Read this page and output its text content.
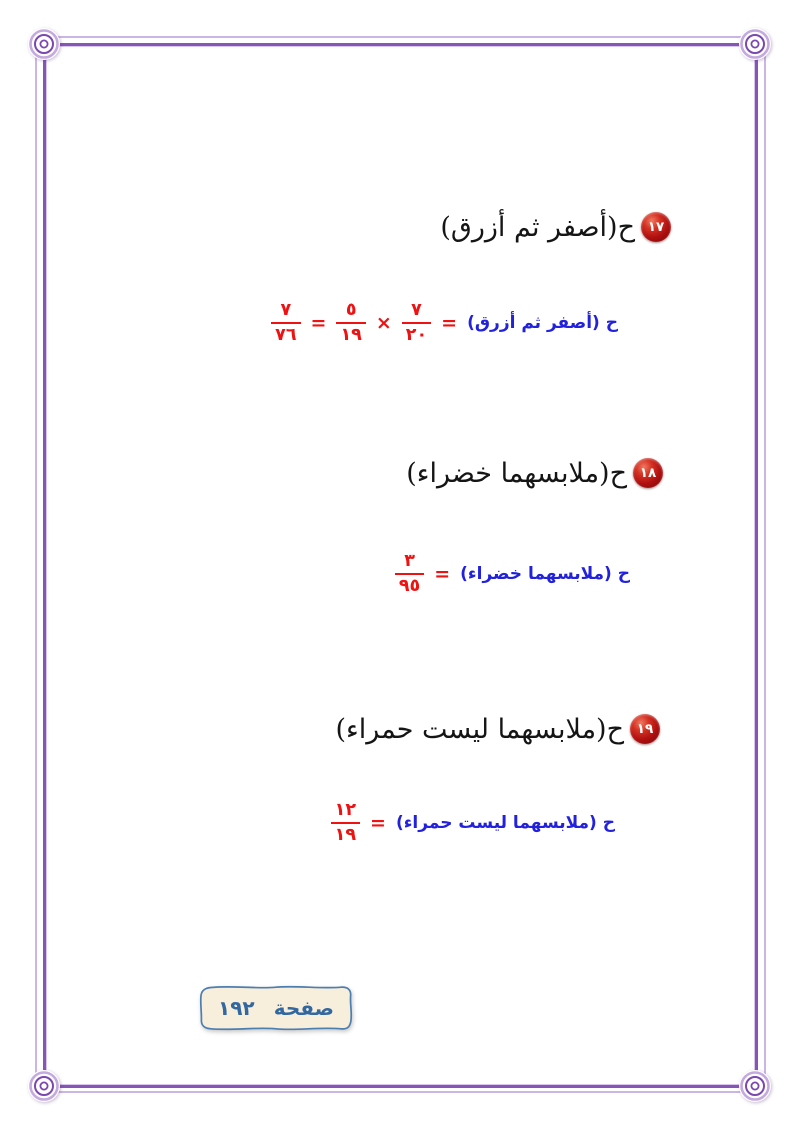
١٧
ح(أصفر ثم أزرق)
ح (أصفر ثم أزرق)
=
$\frac{٧}{٢٠}$
×
$\frac{٥}{١٩}$
=
$\frac{٧}{٧٦}$
١٨
ح(ملابسهما خضراء)
ح (ملابسهما خضراء)
=
$\frac{٣}{٩٥}$
١٩
ح(ملابسهما ليست حمراء)
ح (ملابسهما ليست حمراء)
=
$\frac{١٢}{١٩}$
صفحة
١٩٢
